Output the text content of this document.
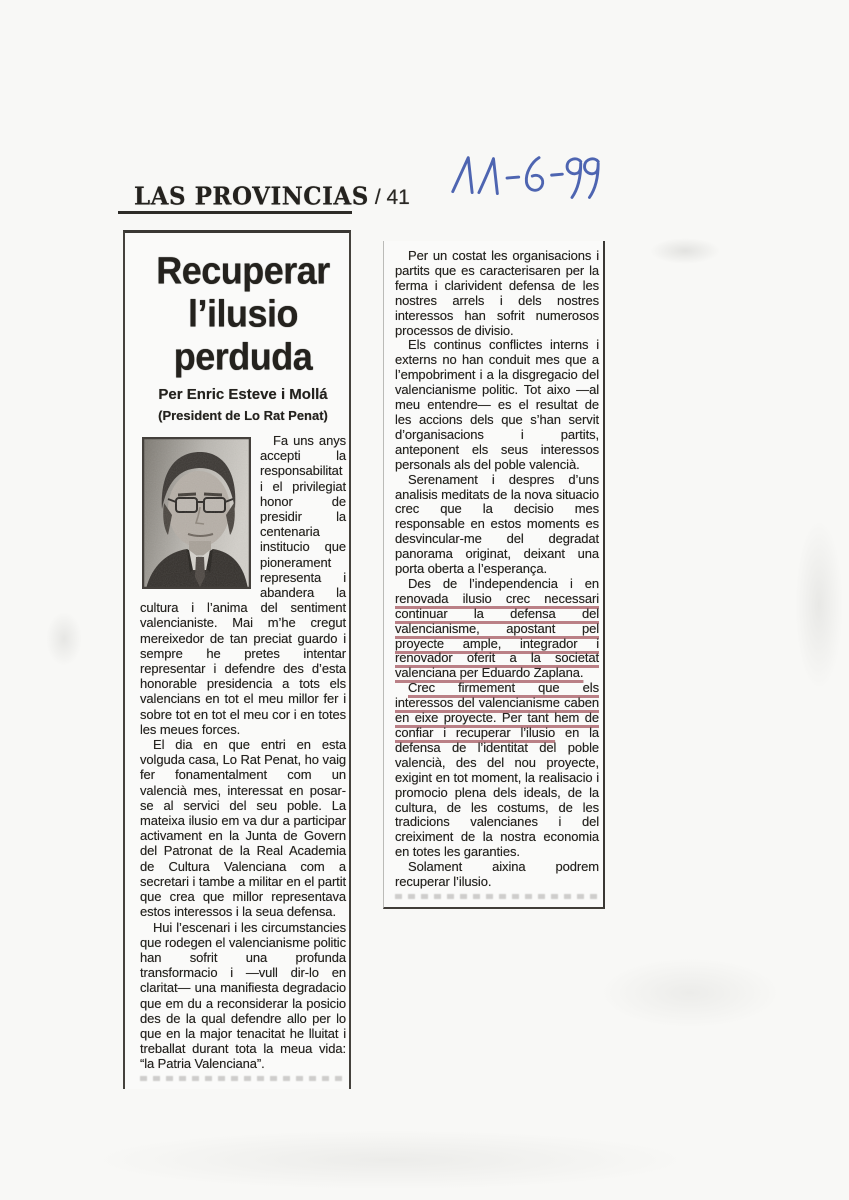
LAS PROVINCIAS / 41
Recuperar
l’ilusio
perduda
Per Enric Esteve i Mollá
(President de Lo Rat Penat)

Fa uns anys accepti la responsabilitat i el privilegiat honor de presidir la centenaria institucio que pionerament representa i abandera la cultura i l’anima del sentiment valencianiste. Mai m’he cregut mereixedor de tan preciat guardo i sempre he pretes intentar representar i defendre des d’esta honorable presidencia a tots els valencians en tot el meu millor fer i sobre tot en tot el meu cor i en totes les meues forces.

El dia en que entri en esta volguda casa, Lo Rat Penat, ho vaig fer fonamentalment com un valencià mes, interessat en posar-se al servici del seu poble. La mateixa ilusio em va dur a participar activament en la Junta de Govern del Patronat de la Real Academia de Cultura Valenciana com a secretari i tambe a militar en el partit que crea que millor representava estos interessos i la seua defensa.

Hui l’escenari i les circumstancies que rodegen el valencianisme politic han sofrit una profunda transformacio i —vull dir-lo en claritat— una manifiesta degradacio que em du a reconsiderar la posicio des de la qual defendre allo per lo que en la major tenacitat he lluitat i treballat durant tota la meua vida: “la Patria Valenciana”.

Per un costat les organisacions i partits que es caracterisaren per la ferma i clarivident defensa de les nostres arrels i dels nostres interessos han sofrit numerosos processos de divisio.

Els continus conflictes interns i externs no han conduit mes que a l’empobriment i a la disgregacio del valencianisme politic. Tot aixo —al meu entendre— es el resultat de les accions dels que s’han servit d’organisacions i partits, anteponent els seus interessos personals als del poble valencià.

Serenament i despres d’uns analisis meditats de la nova situacio crec que la decisio mes responsable en estos moments es desvincular-me del degradat panorama originat, deixant una porta oberta a l’esperança.

Des de l’independencia i en renovada ilusio crec necessari continuar la defensa del valencianisme, apostant pel proyecte ample, integrador i renovador oferit a la societat valenciana per Eduardo Zaplana.

Crec firmement que els interessos del valencianisme caben en eixe proyecte. Per tant hem de confiar i recuperar l’ilusio en la defensa de l’identitat del poble valencià, des del nou proyecte, exigint en tot moment, la realisacio i promocio plena dels ideals, de la cultura, de les costums, de les tradicions valencianes i del creiximent de la nostra economia en totes les garanties.

Solament aixina podrem recuperar l’ilusio.
